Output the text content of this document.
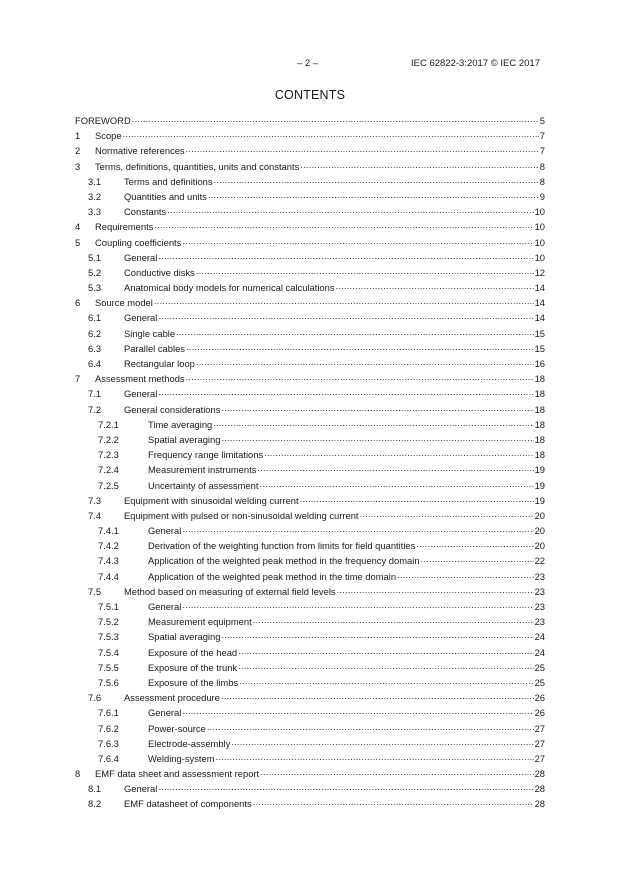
– 2 –	IEC 62822-3:2017 © IEC 2017
CONTENTS
FOREWORD .....	5
1	Scope .....	7
2	Normative references .....	7
3	Terms, definitions, quantities, units and constants .....	8
3.1	Terms and definitions .....	8
3.2	Quantities and units .....	9
3.3	Constants .....	10
4	Requirements .....	10
5	Coupling coefficients .....	10
5.1	General .....	10
5.2	Conductive disks .....	12
5.3	Anatomical body models for numerical calculations .....	14
6	Source model .....	14
6.1	General .....	14
6.2	Single cable .....	15
6.3	Parallel cables .....	15
6.4	Rectangular loop .....	16
7	Assessment methods .....	18
7.1	General .....	18
7.2	General considerations .....	18
7.2.1	Time averaging .....	18
7.2.2	Spatial averaging .....	18
7.2.3	Frequency range limitations .....	18
7.2.4	Measurement instruments .....	19
7.2.5	Uncertainty of assessment .....	19
7.3	Equipment with sinusoidal welding current .....	19
7.4	Equipment with pulsed or non-sinusoidal welding current .....	20
7.4.1	General .....	20
7.4.2	Derivation of the weighting function from limits for field quantities .....	20
7.4.3	Application of the weighted peak method in the frequency domain .....	22
7.4.4	Application of the weighted peak method in the time domain .....	23
7.5	Method based on measuring of external field levels .....	23
7.5.1	General .....	23
7.5.2	Measurement equipment .....	23
7.5.3	Spatial averaging .....	24
7.5.4	Exposure of the head .....	24
7.5.5	Exposure of the trunk .....	25
7.5.6	Exposure of the limbs .....	25
7.6	Assessment procedure .....	26
7.6.1	General .....	26
7.6.2	Power-source .....	27
7.6.3	Electrode-assembly .....	27
7.6.4	Welding-system .....	27
8	EMF data sheet and assessment report .....	28
8.1	General .....	28
8.2	EMF datasheet of components .....	28
